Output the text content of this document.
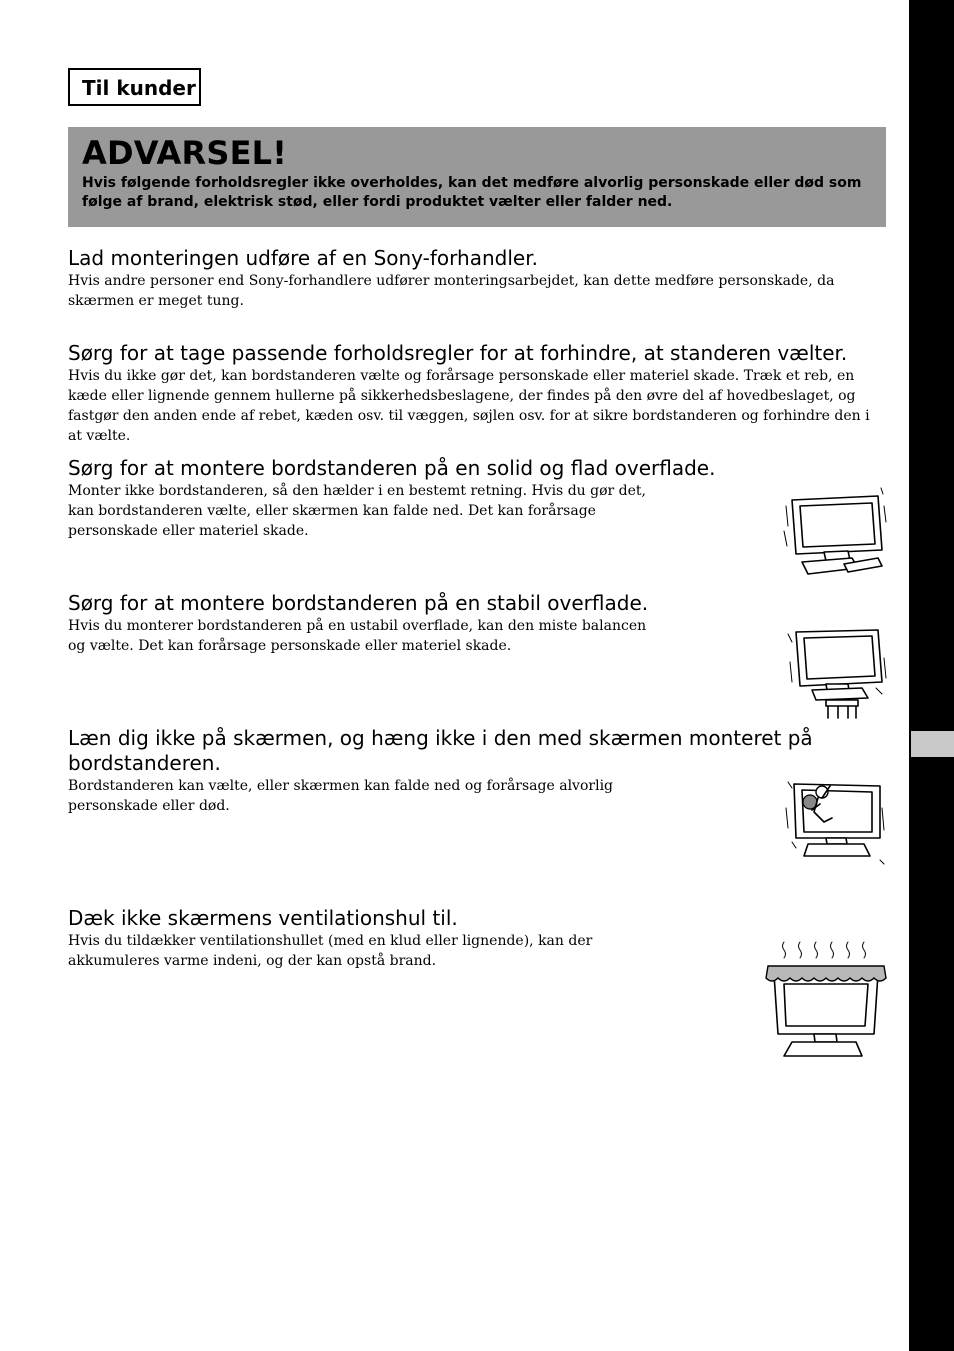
Til kunder
ADVARSEL!
Hvis følgende forholdsregler ikke overholdes, kan det medføre alvorlig personskade eller død som følge af brand, elektrisk stød, eller fordi produktet vælter eller falder ned.

Lad monteringen udføre af en Sony-forhandler.

Hvis andre personer end Sony-forhandlere udfører monteringsarbejdet, kan dette medføre personskade, da skærmen er meget tung.

Sørg for at tage passende forholdsregler for at forhindre, at standeren vælter.

Hvis du ikke gør det, kan bordstanderen vælte og forårsage personskade eller materiel skade. Træk et reb, en kæde eller lignende gennem hullerne på sikkerhedsbeslagene, der findes på den øvre del af hovedbeslaget, og fastgør den anden ende af rebet, kæden osv. til væggen, søjlen osv. for at sikre bordstanderen og forhindre den i at vælte.

Sørg for at montere bordstanderen på en solid og flad overflade.

Monter ikke bordstanderen, så den hælder i en bestemt retning. Hvis du gør det, kan bordstanderen vælte, eller skærmen kan falde ned. Det kan forårsage personskade eller materiel skade.

Sørg for at montere bordstanderen på en stabil overflade.

Hvis du monterer bordstanderen på en ustabil overflade, kan den miste balancen og vælte. Det kan forårsage personskade eller materiel skade.

Læn dig ikke på skærmen, og hæng ikke i den med skærmen monteret på bordstanderen.

Bordstanderen kan vælte, eller skærmen kan falde ned og forårsage alvorlig personskade eller død.

Dæk ikke skærmens ventilationshul til.

Hvis du tildækker ventilationshullet (med en klud eller lignende), kan der akkumuleres varme indeni, og der kan opstå brand.
